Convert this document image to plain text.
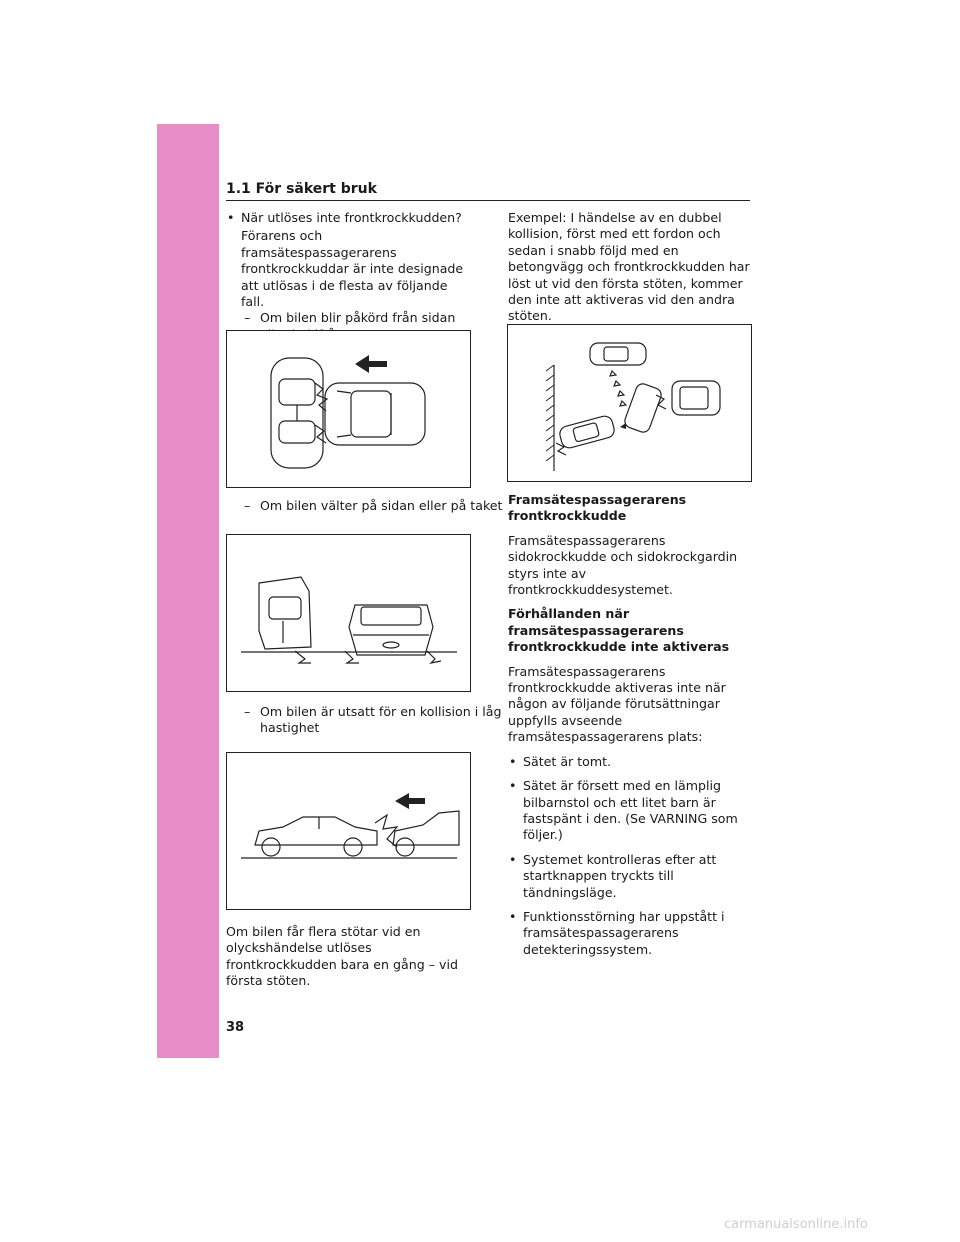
1.1 För säkert bruk

• När utlöses inte frontkrockkudden?

Förarens och framsätespassagerarens frontkrockkuddar är inte designade att utlösas i de flesta av följande fall.

– Om bilen blir påkörd från sidan

– Om bilen välter på sidan eller på taket
– Om bilen är utsatt för en kollision i låg hastighet
Om bilen får flera stötar vid en olyckshändelse utlöses frontkrockkudden bara en gång – vid första stöten.

Exempel: I händelse av en dubbel kollision, först med ett fordon och sedan i snabb följd med en betongvägg och frontkrockkudden har löst ut vid den första stöten, kommer den inte att aktiveras vid den andra stöten.

Framsätespassagerarens frontkrockkudde

Framsätespassagerarens sidokrockkudde och sidokrockgardin styrs inte av frontkrockkuddesystemet.

Förhållanden när framsätespassagerarens frontkrockkudde inte aktiveras

Framsätespassagerarens frontkrockkudde aktiveras inte när någon av följande förutsättningar uppfylls avseende framsätespassagerarens plats:

• Sätet är tomt.

• Sätet är försett med en lämplig bilbarnstol och ett litet barn är fastspänt i den. (Se VARNING som följer.)

• Systemet kontrolleras efter att startknappen tryckts till tändningsläge.

• Funktionsstörning har uppstått i framsätespassagerarens detekteringssystem.

38
carmanualsonline.info
